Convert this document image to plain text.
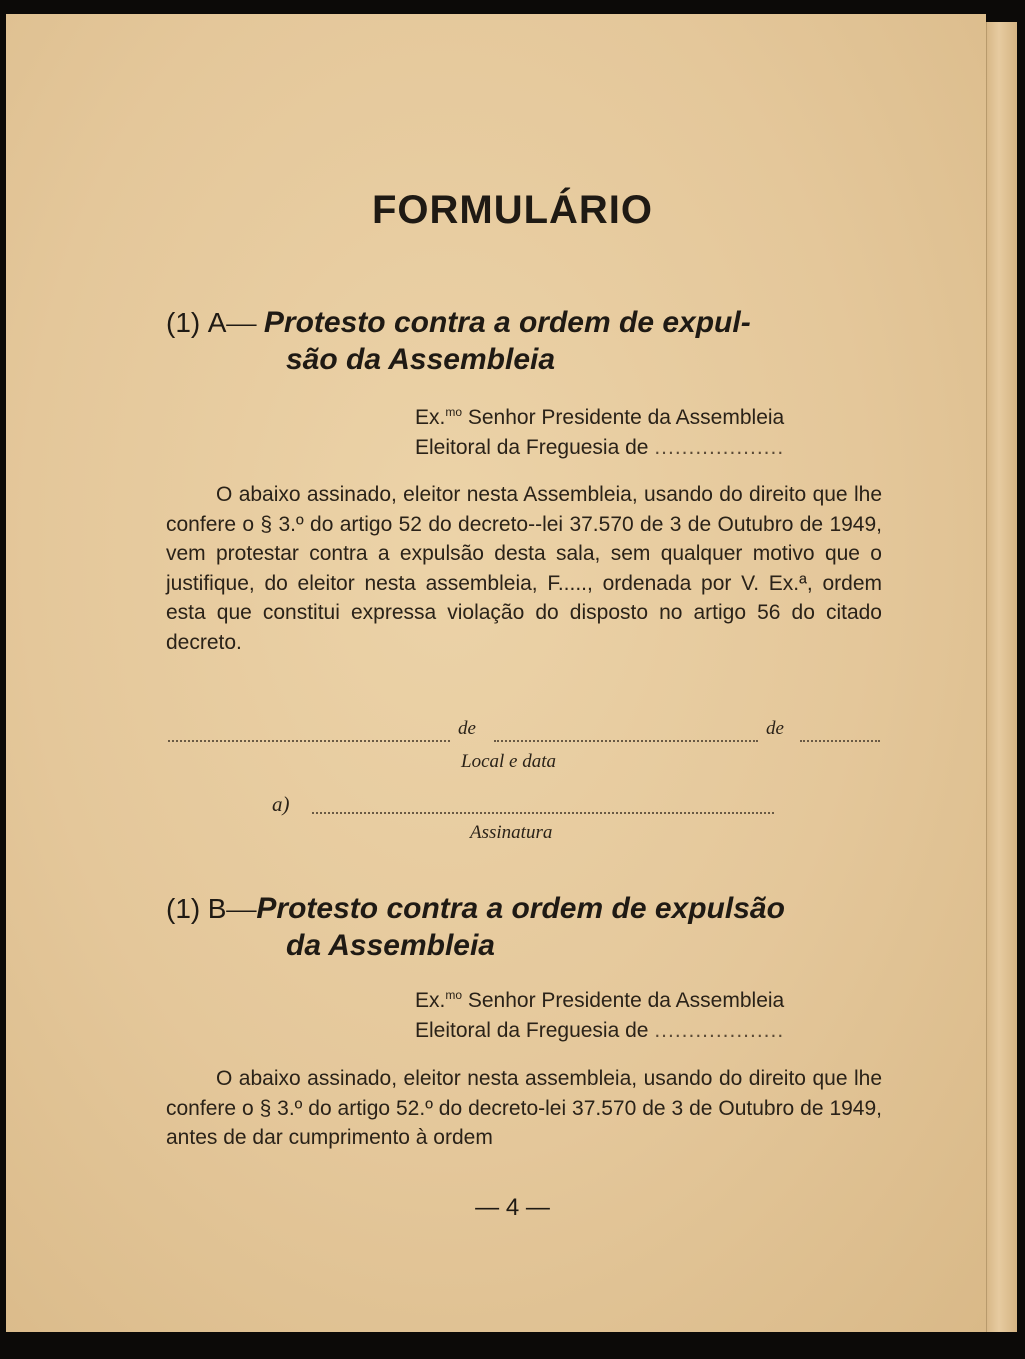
FORMULÁRIO
(1) A— Protesto contra a ordem de expul-
são da Assembleia
Ex.$^{mo}$ Senhor Presidente da Assembleia
Eleitoral da Freguesia de ...................

O abaixo assinado, eleitor nesta Assembleia, usando do direito que lhe confere o § 3.º do artigo 52 do decreto--lei 37.570 de 3 de Outubro de 1949, vem protestar contra a expulsão desta sala, sem qualquer motivo que o justifique, do eleitor nesta assembleia, F....., ordenada por V. Ex.ª, ordem esta que constitui expressa violação do disposto no artigo 56 do citado decreto.

de	de
Local e data
a)
Assinatura
(1) B—Protesto contra a ordem de expulsão
da Assembleia
Ex.$^{mo}$ Senhor Presidente da Assembleia
Eleitoral da Freguesia de ...................

O abaixo assinado, eleitor nesta assembleia, usando do direito que lhe confere o § 3.º do artigo 52.º do decreto-lei 37.570 de 3 de Outubro de 1949, antes de dar cumprimento à ordem

— 4 —
